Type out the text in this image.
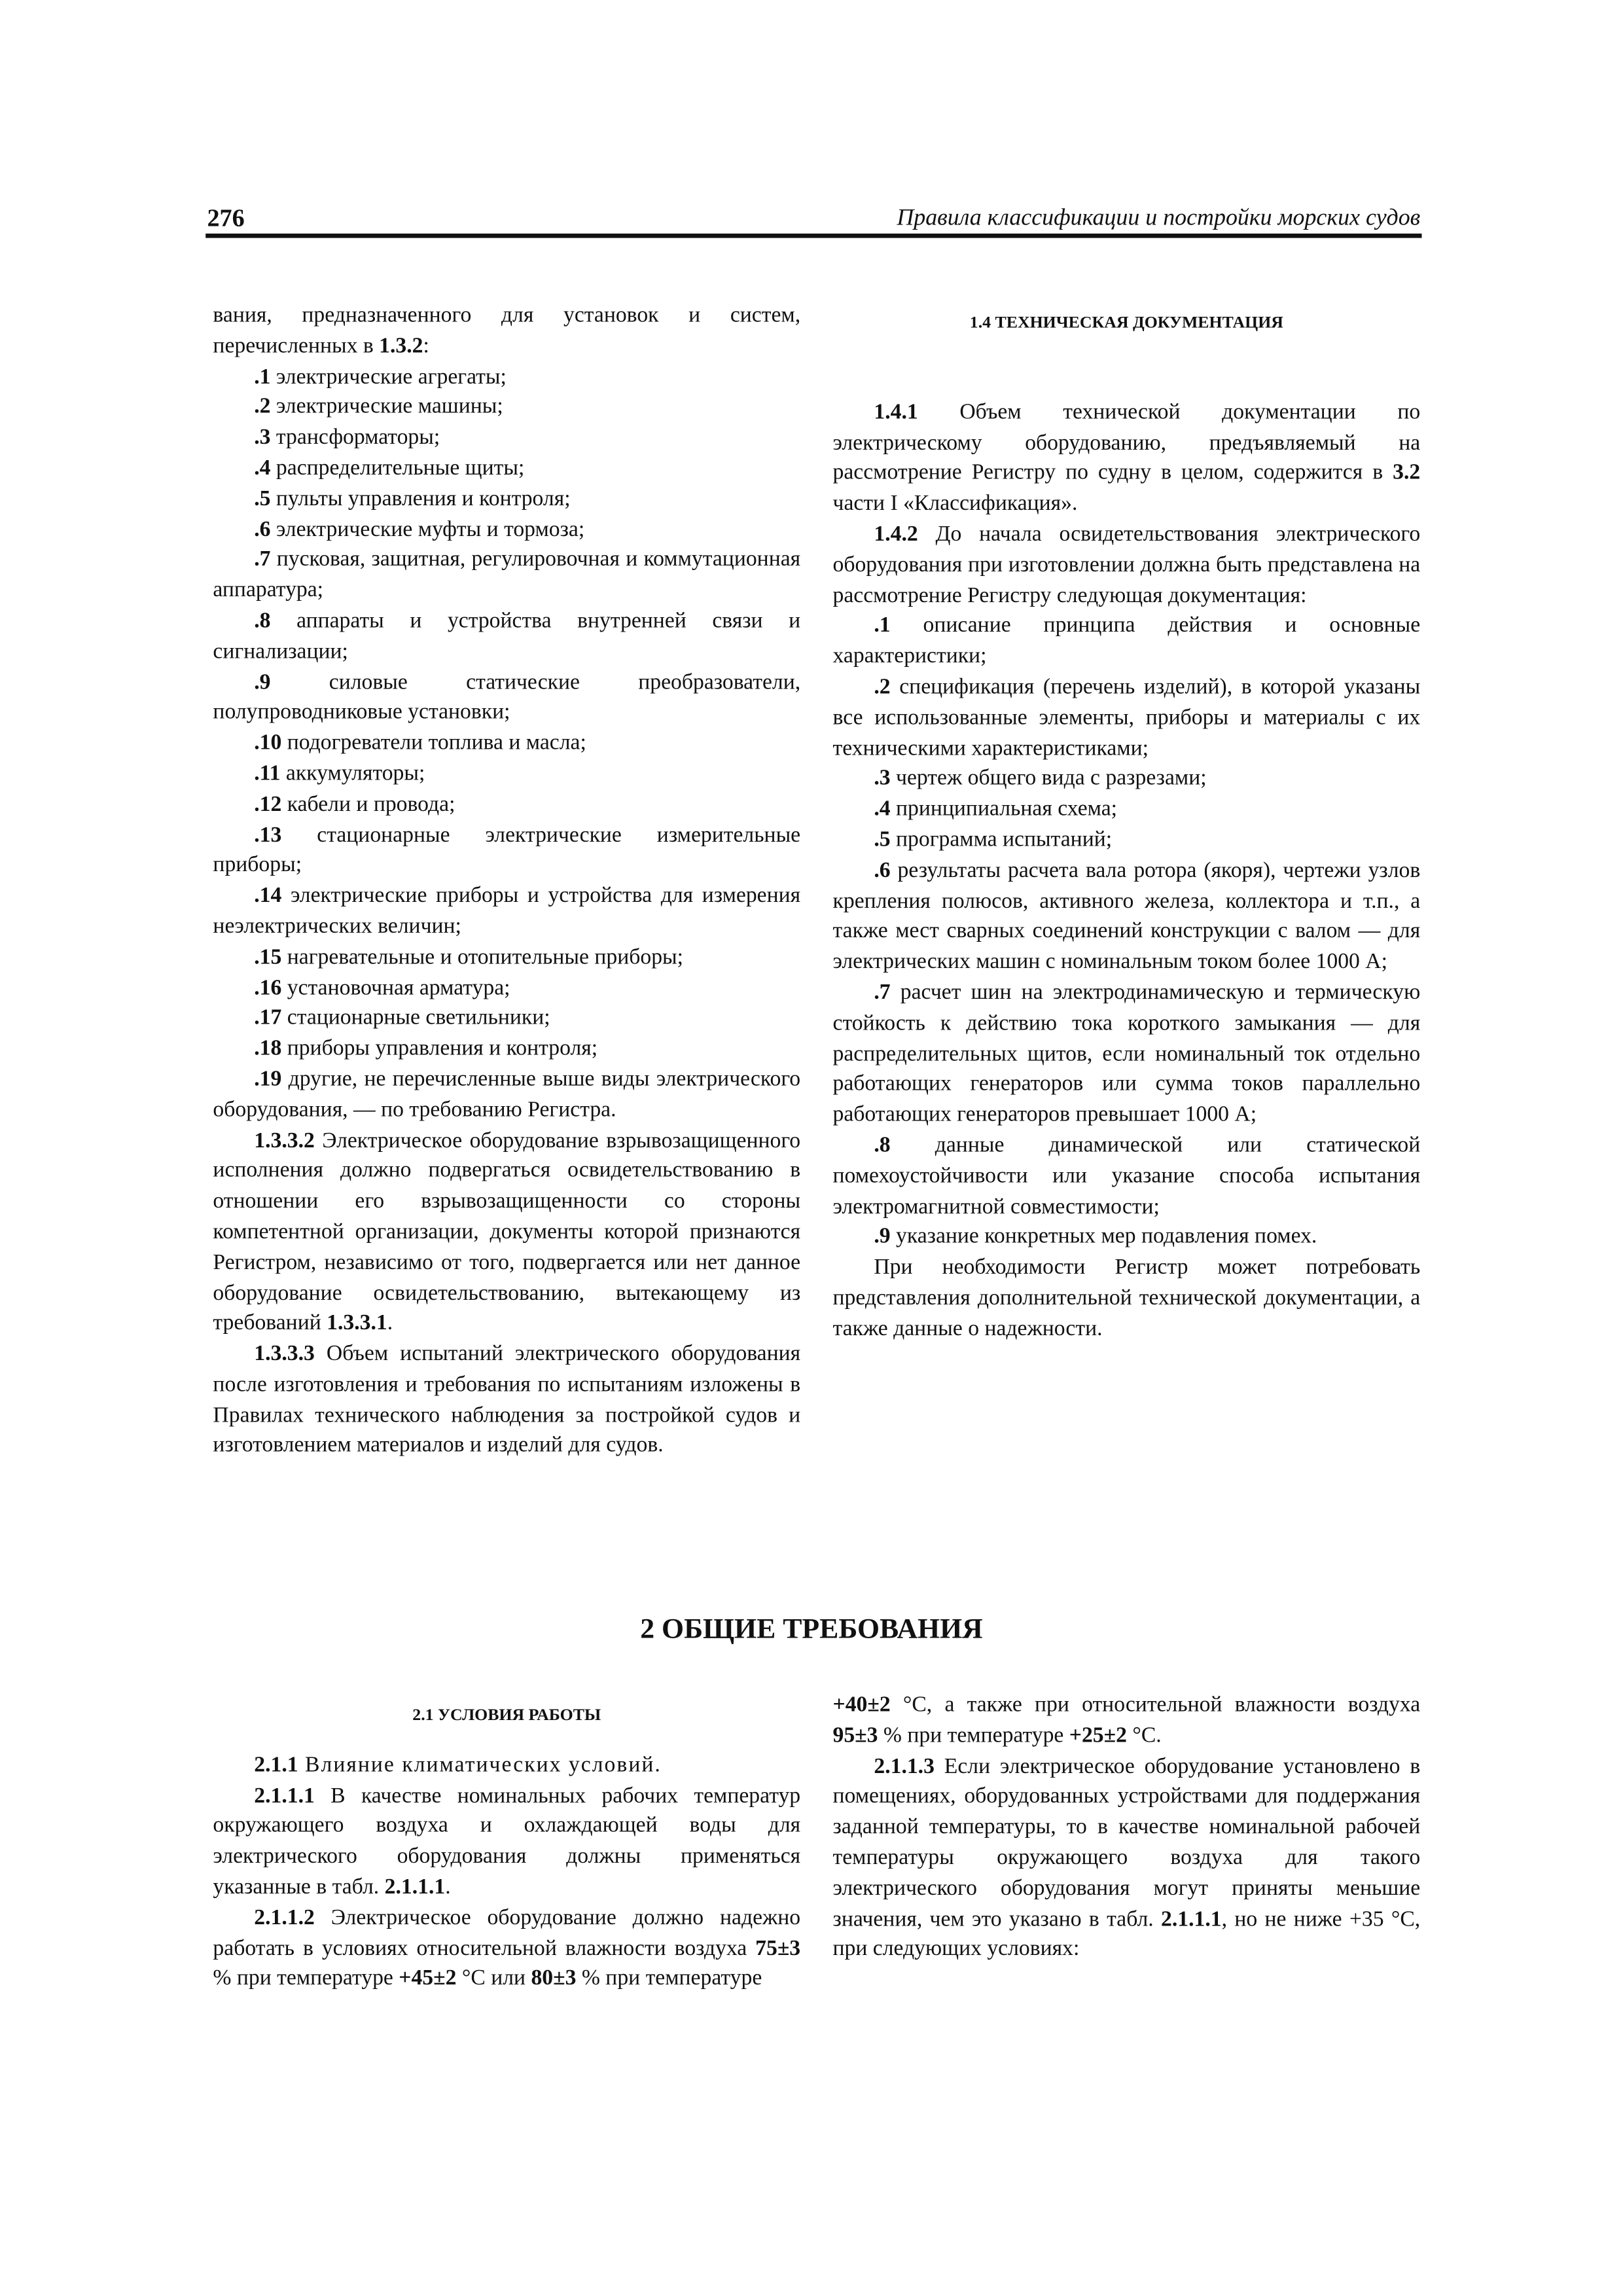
276	Правила классификации и постройки морских судов

вания, предназначенного для установок и систем, перечисленных в 1.3.2:

.1 электрические агрегаты;

.2 электрические машины;

.3 трансформаторы;

.4 распределительные щиты;

.5 пульты управления и контроля;

.6 электрические муфты и тормоза;

.7 пусковая, защитная, регулировочная и коммутационная аппаратура;

.8 аппараты и устройства внутренней связи и сигнализации;

.9 силовые статические преобразователи, полупроводниковые установки;

.10 подогреватели топлива и масла;

.11 аккумуляторы;

.12 кабели и провода;

.13 стационарные электрические измерительные приборы;

.14 электрические приборы и устройства для измерения неэлектрических величин;

.15 нагревательные и отопительные приборы;

.16 установочная арматура;

.17 стационарные светильники;

.18 приборы управления и контроля;

.19 другие, не перечисленные выше виды электрического оборудования, — по требованию Регистра.

1.3.3.2 Электрическое оборудование взрывозащищенного исполнения должно подвергаться освидетельствованию в отношении его взрывозащищенности со стороны компетентной организации, документы которой признаются Регистром, независимо от того, подвергается или нет данное оборудование освидетельствованию, вытекающему из требований 1.3.3.1.

1.3.3.3 Объем испытаний электрического оборудования после изготовления и требования по испытаниям изложены в Правилах технического наблюдения за постройкой судов и изготовлением материалов и изделий для судов.

1.4 ТЕХНИЧЕСКАЯ ДОКУМЕНТАЦИЯ

1.4.1 Объем технической документации по электрическому оборудованию, предъявляемый на рассмотрение Регистру по судну в целом, содержится в 3.2 части I «Классификация».

1.4.2 До начала освидетельствования электрического оборудования при изготовлении должна быть представлена на рассмотрение Регистру следующая документация:

.1 описание принципа действия и основные характеристики;

.2 спецификация (перечень изделий), в которой указаны все использованные элементы, приборы и материалы с их техническими характеристиками;

.3 чертеж общего вида с разрезами;

.4 принципиальная схема;

.5 программа испытаний;

.6 результаты расчета вала ротора (якоря), чертежи узлов крепления полюсов, активного железа, коллектора и т.п., а также мест сварных соединений конструкции с валом — для электрических машин с номинальным током более 1000 А;

.7 расчет шин на электродинамическую и термическую стойкость к действию тока короткого замыкания — для распределительных щитов, если номинальный ток отдельно работающих генераторов или сумма токов параллельно работающих генераторов превышает 1000 А;

.8 данные динамической или статической помехоустойчивости или указание способа испытания электромагнитной совместимости;

.9 указание конкретных мер подавления помех.

При необходимости Регистр может потребовать представления дополнительной технической документации, а также данные о надежности.

2 ОБЩИЕ ТРЕБОВАНИЯ

2.1 УСЛОВИЯ РАБОТЫ

2.1.1 Влияние климатических условий.

2.1.1.1 В качестве номинальных рабочих температур окружающего воздуха и охлаждающей воды для электрического оборудования должны применяться указанные в табл. 2.1.1.1.

2.1.1.2 Электрическое оборудование должно надежно работать в условиях относительной влажности воздуха 75±3 % при температуре +45±2 °С или 80±3 % при температуре

+40±2 °С, а также при относительной влажности воздуха 95±3 % при температуре +25±2 °С.

2.1.1.3 Если электрическое оборудование установлено в помещениях, оборудованных устройствами для поддержания заданной температуры, то в качестве номинальной рабочей температуры окружающего воздуха для такого электрического оборудования могут приняты меньшие значения, чем это указано в табл. 2.1.1.1, но не ниже +35 °С, при следующих условиях:
